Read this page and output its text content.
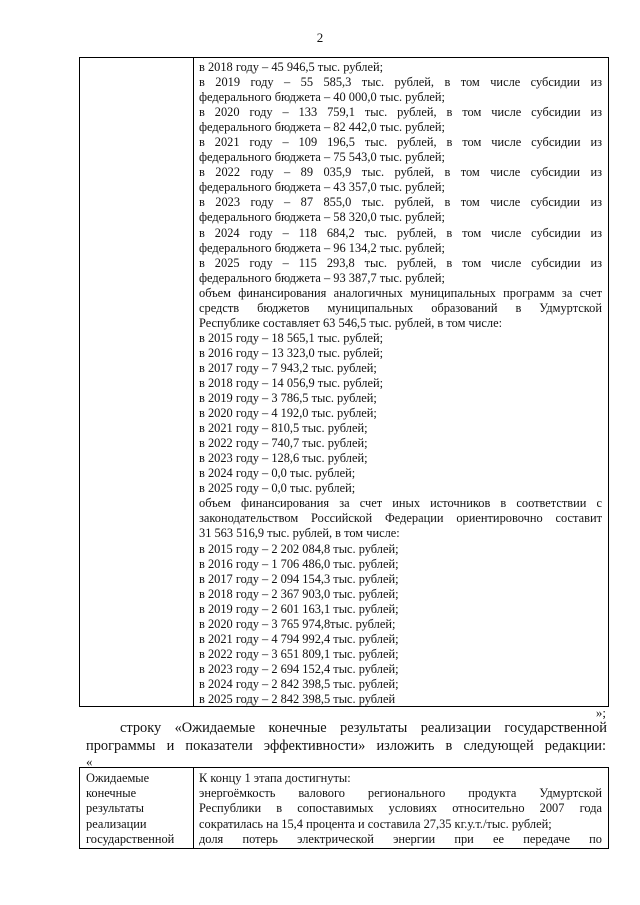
2
в 2018 году – 45 946,5 тыс. рублей;
в 2019 году – 55 585,3 тыс. рублей, в том числе субсидии из
федерального бюджета – 40 000,0 тыс. рублей;
в 2020 году – 133 759,1 тыс. рублей, в том числе субсидии из
федерального бюджета – 82 442,0 тыс. рублей;
в 2021 году – 109 196,5 тыс. рублей, в том числе субсидии из
федерального бюджета – 75 543,0 тыс. рублей;
в 2022 году – 89 035,9 тыс. рублей, в том числе субсидии из
федерального бюджета – 43 357,0 тыс. рублей;
в 2023 году – 87 855,0 тыс. рублей, в том числе субсидии из
федерального бюджета – 58 320,0 тыс. рублей;
в 2024 году – 118 684,2 тыс. рублей, в том числе субсидии из
федерального бюджета – 96 134,2 тыс. рублей;
в 2025 году – 115 293,8 тыс. рублей, в том числе субсидии из
федерального бюджета – 93 387,7 тыс. рублей;
объем финансирования аналогичных муниципальных программ за счет
средств бюджетов муниципальных образований в Удмуртской
Республике составляет 63 546,5 тыс. рублей, в том числе:
в 2015 году – 18 565,1 тыс. рублей;
в 2016 году – 13 323,0 тыс. рублей;
в 2017 году – 7 943,2 тыс. рублей;
в 2018 году – 14 056,9 тыс. рублей;
в 2019 году – 3 786,5 тыс. рублей;
в 2020 году – 4 192,0 тыс. рублей;
в 2021 году – 810,5 тыс. рублей;
в 2022 году – 740,7 тыс. рублей;
в 2023 году – 128,6 тыс. рублей;
в 2024 году – 0,0 тыс. рублей;
в 2025 году – 0,0 тыс. рублей;
объем финансирования за счет иных источников в соответствии с
законодательством Российской Федерации ориентировочно составит
31 563 516,9 тыс. рублей, в том числе:
в 2015 году – 2 202 084,8 тыс. рублей;
в 2016 году – 1 706 486,0 тыс. рублей;
в 2017 году – 2 094 154,3 тыс. рублей;
в 2018 году – 2 367 903,0 тыс. рублей;
в 2019 году – 2 601 163,1 тыс. рублей;
в 2020 году – 3 765 974,8тыс. рублей;
в 2021 году – 4 794 992,4 тыс. рублей;
в 2022 году – 3 651 809,1 тыс. рублей;
в 2023 году – 2 694 152,4 тыс. рублей;
в 2024 году – 2 842 398,5 тыс. рублей;
в 2025 году – 2 842 398,5 тыс. рублей
»;
строку «Ожидаемые конечные результаты реализации государственной
программы и показатели эффективности» изложить в следующей редакции:
«
Ожидаемые
конечные
результаты
реализации
государственной
К концу 1 этапа достигнуты:
энергоёмкость валового регионального продукта Удмуртской
Республики в сопоставимых условиях относительно 2007 года
сократилась на 15,4 процента и составила 27,35 кг.у.т./тыс. рублей;
доля потерь электрической энергии при ее передаче по
